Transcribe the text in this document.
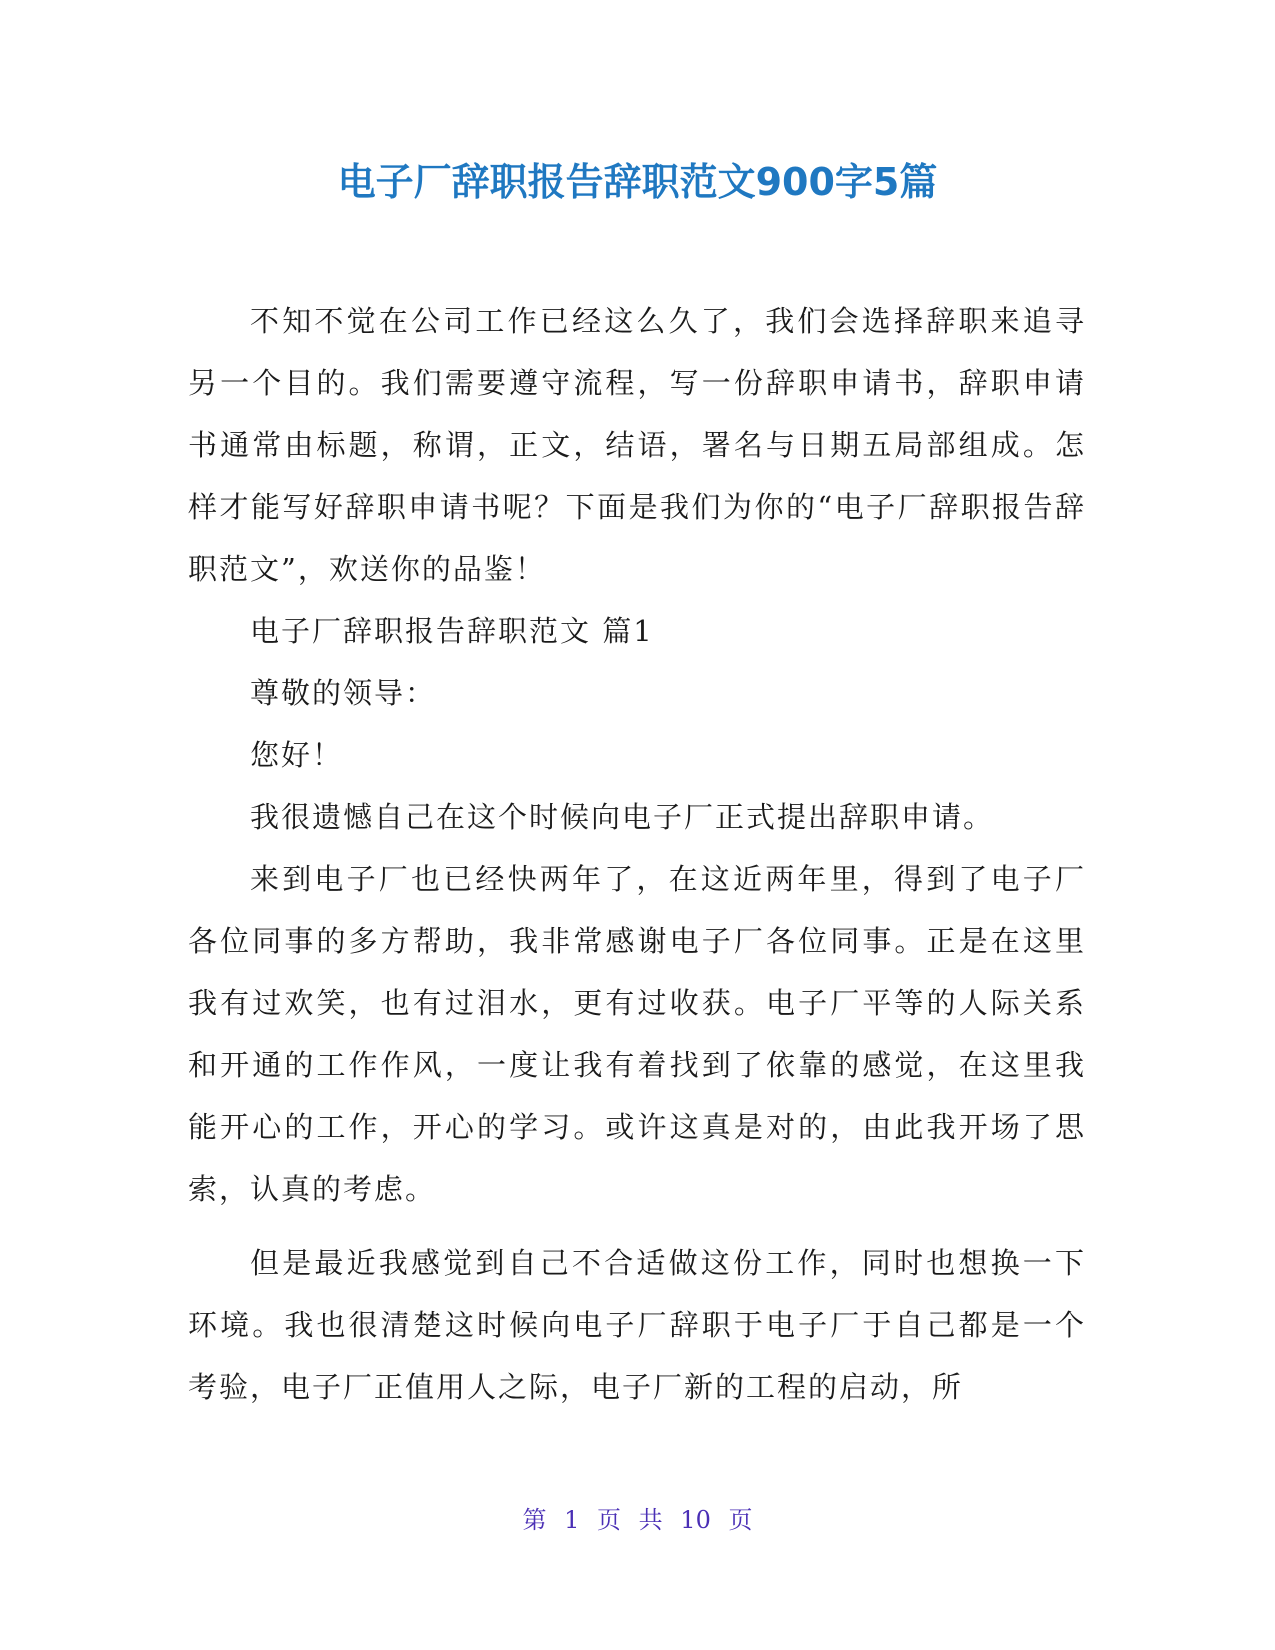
电子厂辞职报告辞职范文900字5篇

不知不觉在公司工作已经这么久了，我们会选择辞职来追寻另一个目的。我们需要遵守流程，写一份辞职申请书，辞职申请书通常由标题，称谓，正文，结语，署名与日期五局部组成。怎样才能写好辞职申请书呢？下面是我们为你的“电子厂辞职报告辞职范文”，欢送你的品鉴！

电子厂辞职报告辞职范文 篇1

尊敬的领导：

您好！

我很遗憾自己在这个时候向电子厂正式提出辞职申请。

来到电子厂也已经快两年了，在这近两年里，得到了电子厂各位同事的多方帮助，我非常感谢电子厂各位同事。正是在这里我有过欢笑，也有过泪水，更有过收获。电子厂平等的人际关系和开通的工作作风，一度让我有着找到了依靠的感觉，在这里我能开心的工作，开心的学习。或许这真是对的，由此我开场了思索，认真的考虑。

但是最近我感觉到自己不合适做这份工作，同时也想换一下环境。我也很清楚这时候向电子厂辞职于电子厂于自己都是一个考验，电子厂正值用人之际，电子厂新的工程的启动，所

第 1 页 共 10 页
